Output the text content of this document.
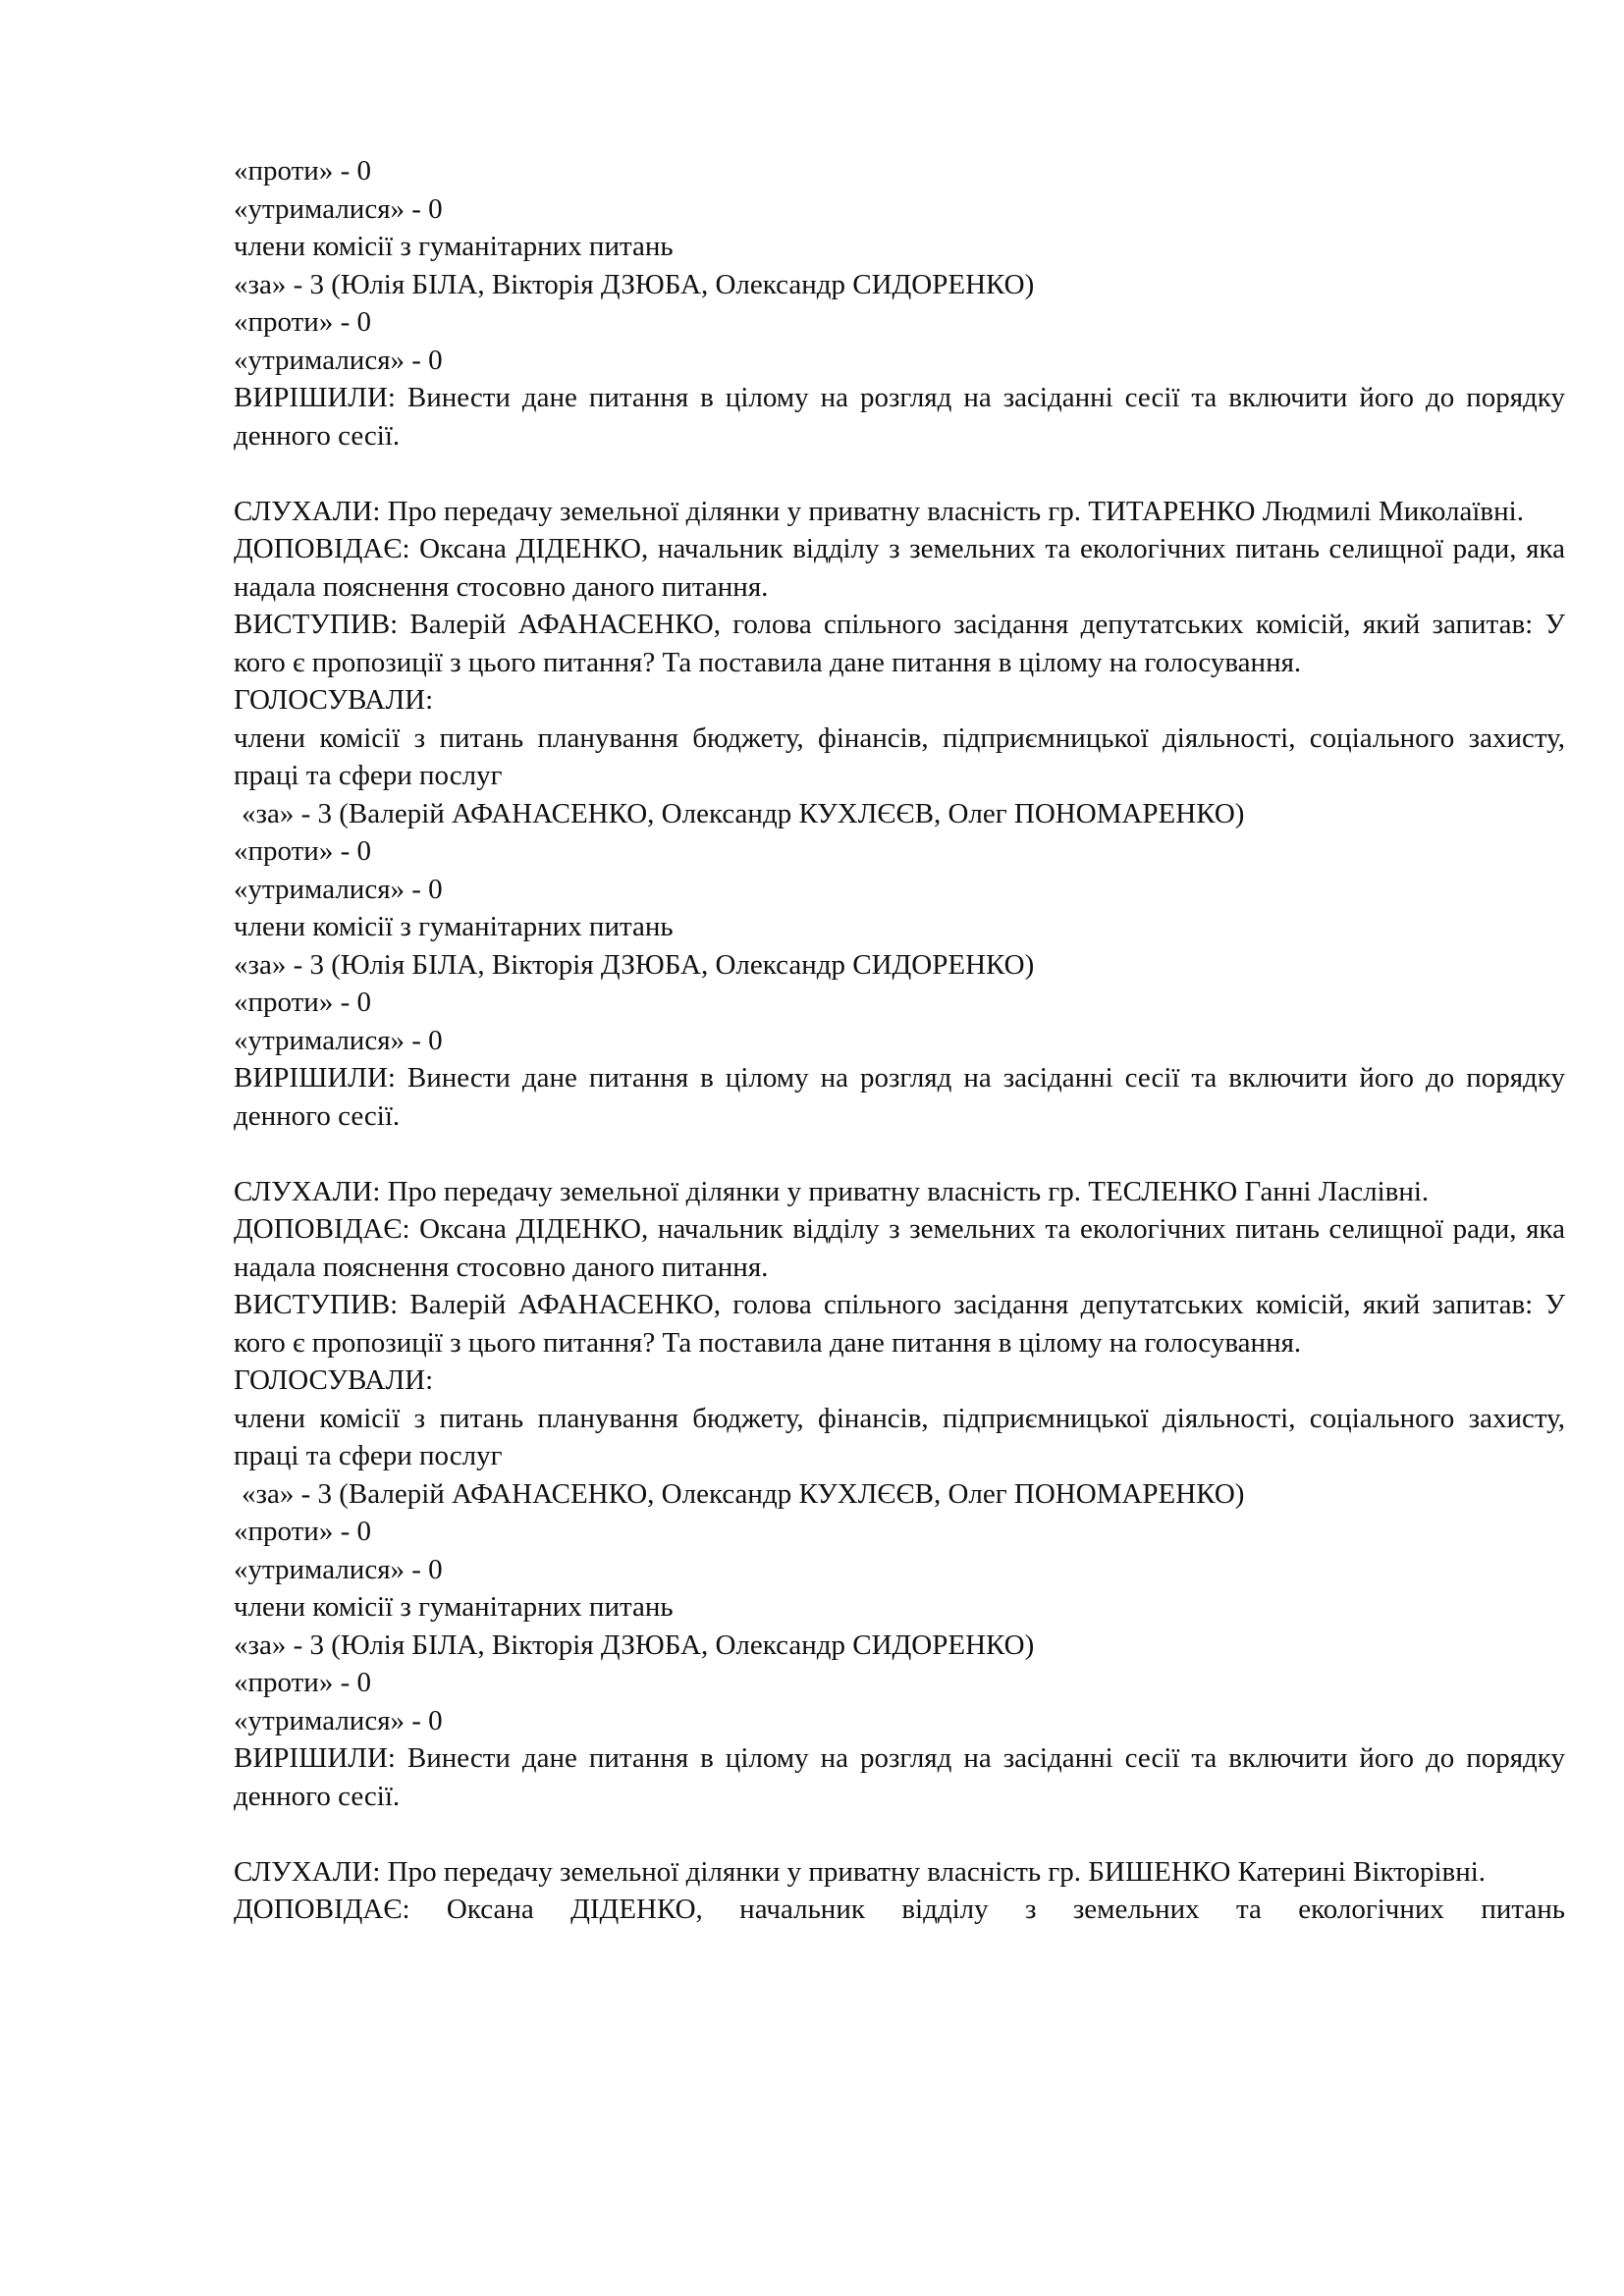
«проти» - 0
«утрималися» - 0
члени комісії з гуманітарних питань
«за» - 3 (Юлія БІЛА, Вікторія ДЗЮБА, Олександр СИДОРЕНКО)
«проти» - 0
«утрималися» - 0
ВИРІШИЛИ: Винести дане питання в цілому на розгляд на засіданні сесії та включити його до порядку денного сесії.
СЛУХАЛИ: Про передачу земельної ділянки у приватну власність гр. ТИТАРЕНКО Людмилі Миколаївні.
ДОПОВІДАЄ: Оксана ДІДЕНКО, начальник відділу з земельних та екологічних питань селищної ради, яка надала пояснення стосовно даного питання.
ВИСТУПИВ: Валерій АФАНАСЕНКО, голова спільного засідання депутатських комісій, який запитав: У кого є пропозиції з цього питання? Та поставила дане питання в цілому на голосування.
ГОЛОСУВАЛИ:
члени комісії з питань планування бюджету, фінансів, підприємницької діяльності, соціального захисту, праці та сфери послуг
«за» - 3 (Валерій АФАНАСЕНКО, Олександр КУХЛЄЄВ, Олег ПОНОМАРЕНКО)
«проти» - 0
«утрималися» - 0
члени комісії з гуманітарних питань
«за» - 3 (Юлія БІЛА, Вікторія ДЗЮБА, Олександр СИДОРЕНКО)
«проти» - 0
«утрималися» - 0
ВИРІШИЛИ: Винести дане питання в цілому на розгляд на засіданні сесії та включити його до порядку денного сесії.
СЛУХАЛИ: Про передачу земельної ділянки у приватну власність гр. ТЕСЛЕНКО Ганні Ласлівні.
ДОПОВІДАЄ: Оксана ДІДЕНКО, начальник відділу з земельних та екологічних питань селищної ради, яка надала пояснення стосовно даного питання.
ВИСТУПИВ: Валерій АФАНАСЕНКО, голова спільного засідання депутатських комісій, який запитав: У кого є пропозиції з цього питання? Та поставила дане питання в цілому на голосування.
ГОЛОСУВАЛИ:
члени комісії з питань планування бюджету, фінансів, підприємницької діяльності, соціального захисту, праці та сфери послуг
«за» - 3 (Валерій АФАНАСЕНКО, Олександр КУХЛЄЄВ, Олег ПОНОМАРЕНКО)
«проти» - 0
«утрималися» - 0
члени комісії з гуманітарних питань
«за» - 3 (Юлія БІЛА, Вікторія ДЗЮБА, Олександр СИДОРЕНКО)
«проти» - 0
«утрималися» - 0
ВИРІШИЛИ: Винести дане питання в цілому на розгляд на засіданні сесії та включити його до порядку денного сесії.
СЛУХАЛИ: Про передачу земельної ділянки у приватну власність гр. БИШЕНКО Катерині Вікторівні.
ДОПОВІДАЄ: Оксана ДІДЕНКО, начальник відділу з земельних та екологічних питань
